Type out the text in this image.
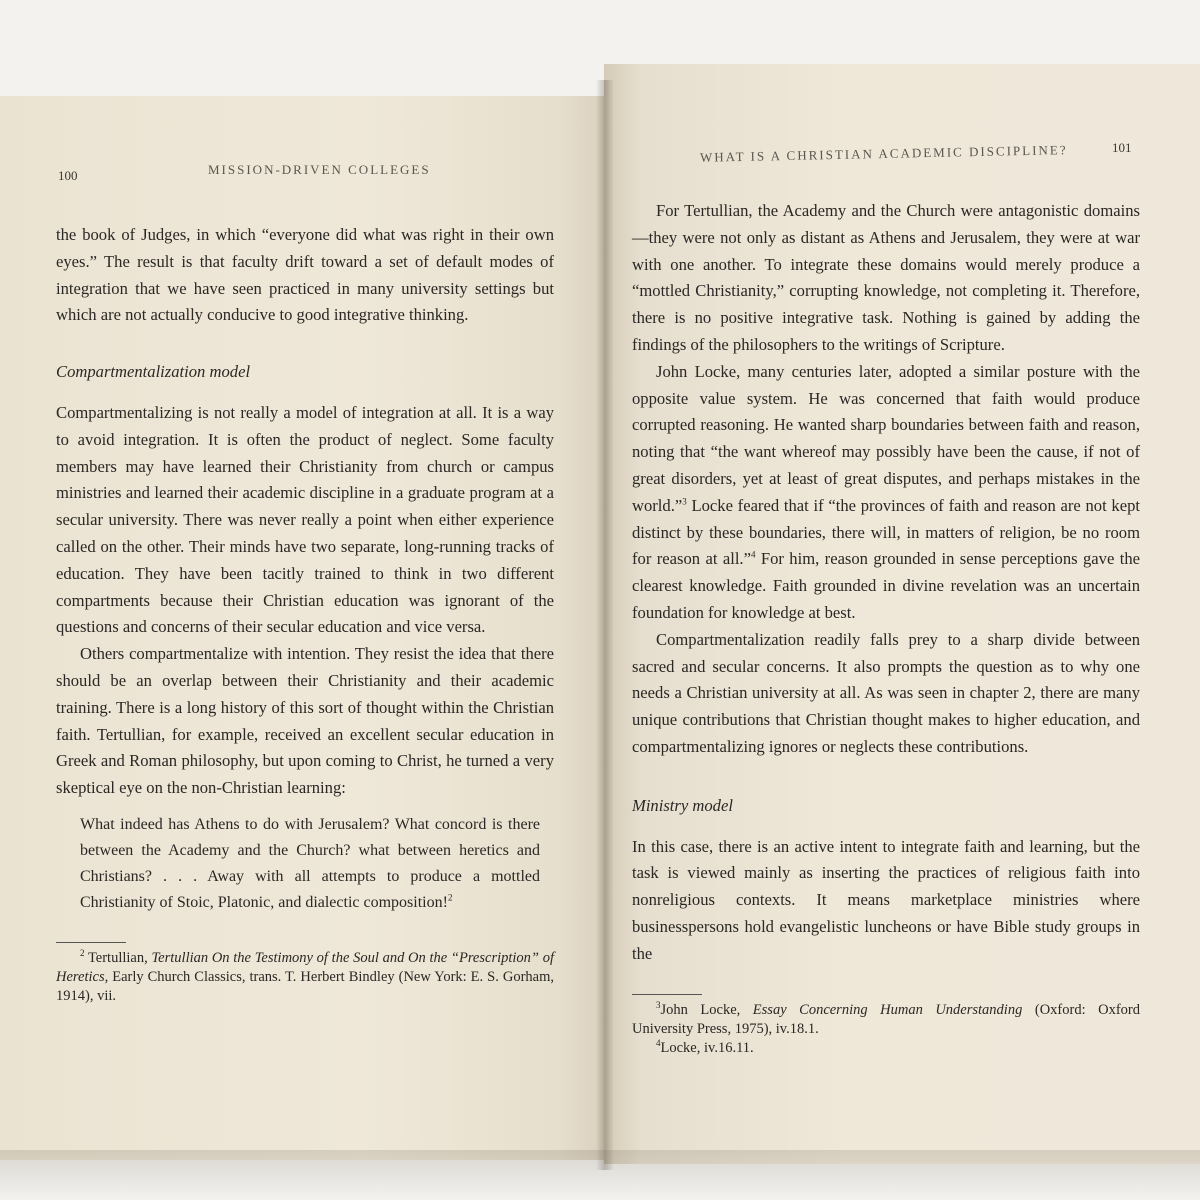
100	MISSION-DRIVEN COLLEGES
WHAT IS A CHRISTIAN ACADEMIC DISCIPLINE?	101

the book of Judges, in which “everyone did what was right in their own eyes.” The result is that faculty drift toward a set of default modes of integration that we have seen practiced in many university settings but which are not actually conducive to good integrative thinking.

Compartmentalization model

Compartmentalizing is not really a model of integration at all. It is a way to avoid integration. It is often the product of neglect. Some faculty members may have learned their Christianity from church or campus ministries and learned their academic discipline in a graduate program at a secular university. There was never really a point when either experience called on the other. Their minds have two separate, long-running tracks of education. They have been tacitly trained to think in two different compartments because their Christian education was ignorant of the questions and concerns of their secular education and vice versa.

Others compartmentalize with intention. They resist the idea that there should be an overlap between their Christianity and their academic training. There is a long history of this sort of thought within the Christian faith. Tertullian, for example, received an excellent secular education in Greek and Roman philosophy, but upon coming to Christ, he turned a very skeptical eye on the non-Christian learning:

What indeed has Athens to do with Jerusalem? What concord is there between the Academy and the Church? what between heretics and Christians? . . . Away with all attempts to produce a mottled Christianity of Stoic, Platonic, and dialectic composition!$^2$

$^2$ Tertullian, Tertullian On the Testimony of the Soul and On the “Prescription” of Heretics, Early Church Classics, trans. T. Herbert Bindley (New York: E. S. Gorham, 1914), vii.

For Tertullian, the Academy and the Church were antagonistic domains—they were not only as distant as Athens and Jerusalem, they were at war with one another. To integrate these domains would merely produce a “mottled Christianity,” corrupting knowledge, not completing it. Therefore, there is no positive integrative task. Nothing is gained by adding the findings of the philosophers to the writings of Scripture.

John Locke, many centuries later, adopted a similar posture with the opposite value system. He was concerned that faith would produce corrupted reasoning. He wanted sharp boundaries between faith and reason, noting that “the want whereof may possibly have been the cause, if not of great disorders, yet at least of great disputes, and perhaps mistakes in the world.”$^3$ Locke feared that if “the provinces of faith and reason are not kept distinct by these boundaries, there will, in matters of religion, be no room for reason at all.”$^4$ For him, reason grounded in sense perceptions gave the clearest knowledge. Faith grounded in divine revelation was an uncertain foundation for knowledge at best.

Compartmentalization readily falls prey to a sharp divide between sacred and secular concerns. It also prompts the question as to why one needs a Christian university at all. As was seen in chapter 2, there are many unique contributions that Christian thought makes to higher education, and compartmentalizing ignores or neglects these contributions.

Ministry model

In this case, there is an active intent to integrate faith and learning, but the task is viewed mainly as inserting the practices of religious faith into nonreligious contexts. It means marketplace ministries where businesspersons hold evangelistic luncheons or have Bible study groups in the

$^3$John Locke, Essay Concerning Human Understanding (Oxford: Oxford University Press, 1975), iv.18.1.

$^4$Locke, iv.16.11.
